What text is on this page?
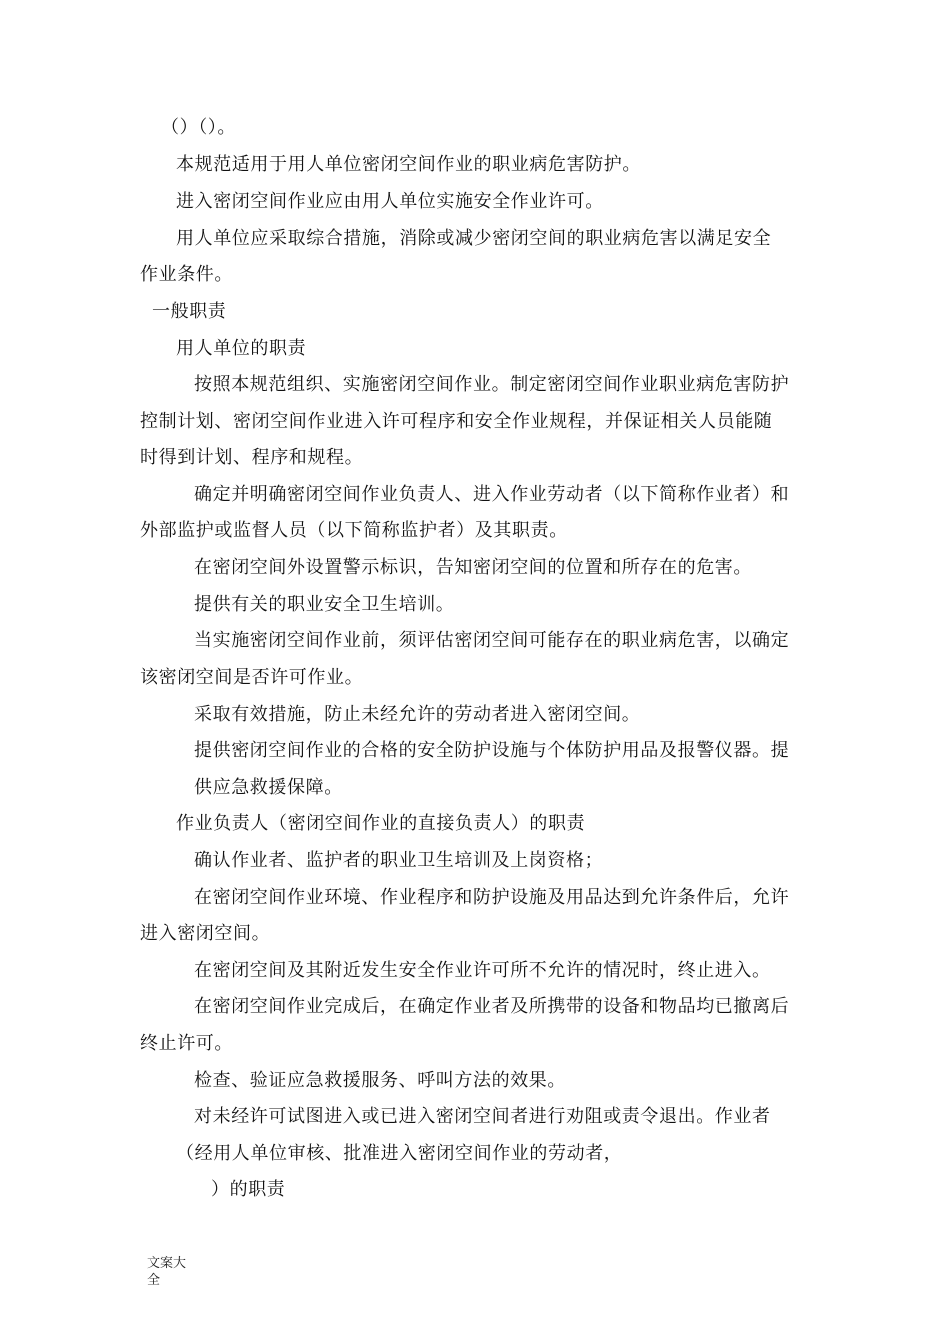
（）（）。
本规范适用于用人单位密闭空间作业的职业病危害防护。
进入密闭空间作业应由用人单位实施安全作业许可。
用人单位应采取综合措施，消除或减少密闭空间的职业病危害以满足安全
作业条件。
一般职责
用人单位的职责
按照本规范组织、实施密闭空间作业。制定密闭空间作业职业病危害防护
控制计划、密闭空间作业进入许可程序和安全作业规程，并保证相关人员能随
时得到计划、程序和规程。
确定并明确密闭空间作业负责人、进入作业劳动者（以下简称作业者）和
外部监护或监督人员（以下简称监护者）及其职责。
在密闭空间外设置警示标识，告知密闭空间的位置和所存在的危害。
提供有关的职业安全卫生培训。
当实施密闭空间作业前，须评估密闭空间可能存在的职业病危害，以确定
该密闭空间是否许可作业。
采取有效措施，防止未经允许的劳动者进入密闭空间。
提供密闭空间作业的合格的安全防护设施与个体防护用品及报警仪器。提
供应急救援保障。
作业负责人（密闭空间作业的直接负责人）的职责
确认作业者、监护者的职业卫生培训及上岗资格；
在密闭空间作业环境、作业程序和防护设施及用品达到允许条件后，允许
进入密闭空间。
在密闭空间及其附近发生安全作业许可所不允许的情况时，终止进入。
在密闭空间作业完成后，在确定作业者及所携带的设备和物品均已撤离后
终止许可。
检查、验证应急救援服务、呼叫方法的效果。
对未经许可试图进入或已进入密闭空间者进行劝阻或责令退出。作业者
（经用人单位审核、批准进入密闭空间作业的劳动者，
）的职责
文案大全
